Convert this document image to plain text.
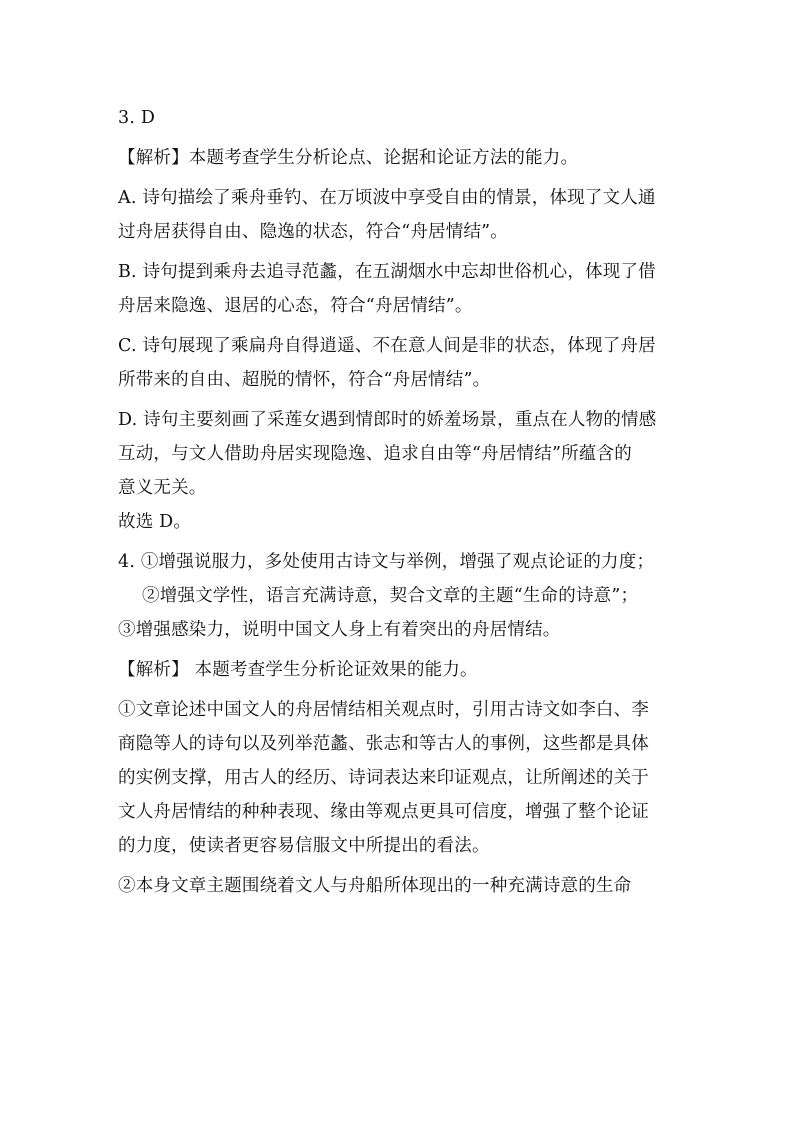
3. D
【解析】本题考查学生分析论点、论据和论证方法的能力。
A. 诗句描绘了乘舟垂钓、在万顷波中享受自由的情景，体现了文人通
过舟居获得自由、隐逸的状态，符合“舟居情结”。
B. 诗句提到乘舟去追寻范蠡，在五湖烟水中忘却世俗机心，体现了借
舟居来隐逸、退居的心态，符合“舟居情结”。
C. 诗句展现了乘扁舟自得逍遥、不在意人间是非的状态，体现了舟居
所带来的自由、超脱的情怀，符合“舟居情结”。
D. 诗句主要刻画了采莲女遇到情郎时的娇羞场景，重点在人物的情感
互动，与文人借助舟居实现隐逸、追求自由等“舟居情结”所蕴含的
意义无关。
故选 D。
4. ①增强说服力，多处使用古诗文与举例，增强了观点论证的力度；
②增强文学性，语言充满诗意，契合文章的主题“生命的诗意”；
③增强感染力，说明中国文人身上有着突出的舟居情结。
【解析】 本题考查学生分析论证效果的能力。
①文章论述中国文人的舟居情结相关观点时，引用古诗文如李白、李
商隐等人的诗句以及列举范蠡、张志和等古人的事例，这些都是具体
的实例支撑，用古人的经历、诗词表达来印证观点，让所阐述的关于
文人舟居情结的种种表现、缘由等观点更具可信度，增强了整个论证
的力度，使读者更容易信服文中所提出的看法。
②本身文章主题围绕着文人与舟船所体现出的一种充满诗意的生命
